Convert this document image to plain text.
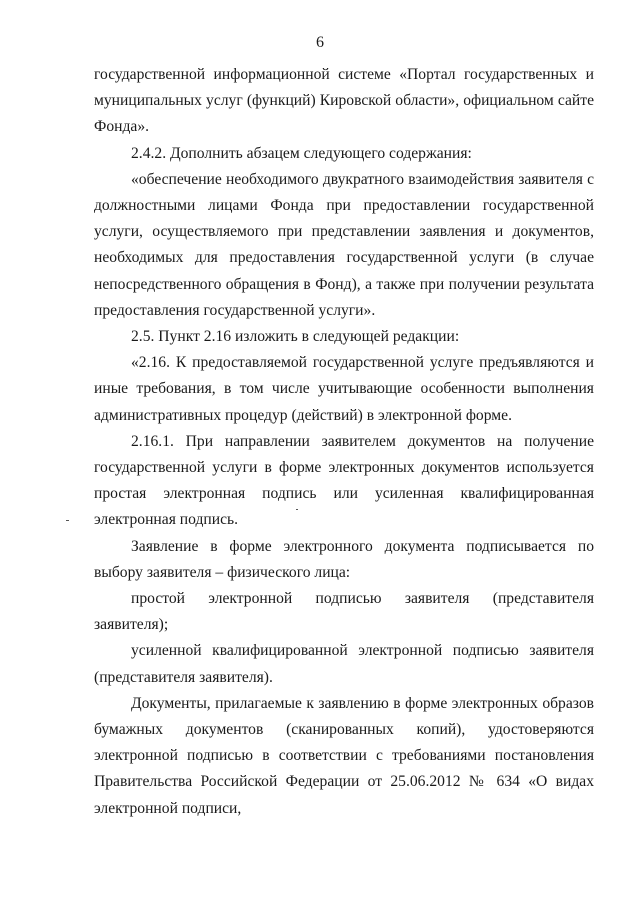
6

государственной информационной системе «Портал государственных и муниципальных услуг (функций) Кировской области», официальном сайте Фонда».

2.4.2. Дополнить абзацем следующего содержания:

«обеспечение необходимого двукратного взаимодействия заявителя с должностными лицами Фонда при предоставлении государственной услуги, осуществляемого при представлении заявления и документов, необходимых для предоставления государственной услуги (в случае непосредственного обращения в Фонд), а также при получении результата предоставления государственной услуги».

2.5. Пункт 2.16 изложить в следующей редакции:

«2.16. К предоставляемой государственной услуге предъявляются и иные требования, в том числе учитывающие особенности выполнения административных процедур (действий) в электронной форме.

2.16.1. При направлении заявителем документов на получение государственной услуги в форме электронных документов используется простая электронная подпись или усиленная квалифицированная электронная подпись.

Заявление в форме электронного документа подписывается по выбору заявителя – физического лица:

простой электронной подписью заявителя (представителя заявителя);

усиленной квалифицированной электронной подписью заявителя (представителя заявителя).

Документы, прилагаемые к заявлению в форме электронных образов бумажных документов (сканированных копий), удостоверяются электронной подписью в соответствии с требованиями постановления Правительства Российской Федерации от 25.06.2012 № 634 «О видах электронной подписи,
